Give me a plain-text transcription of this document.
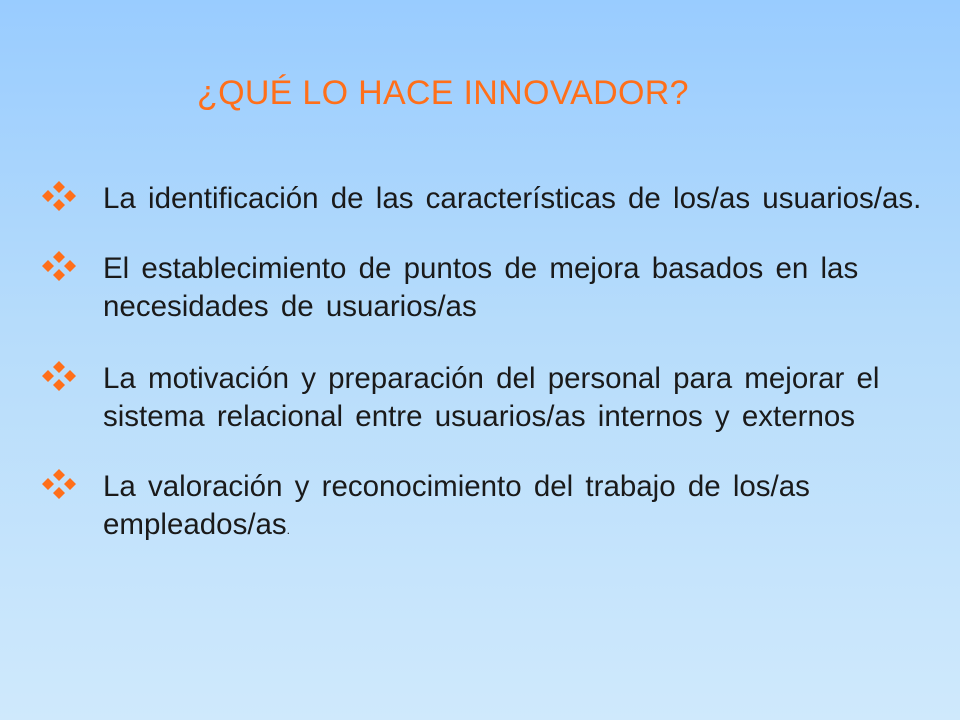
¿QUÉ LO HACE INNOVADOR?
La identificación de las características de los/as usuarios/as.
El establecimiento de puntos de mejora basados en las necesidades de usuarios/as
La motivación y preparación del personal para mejorar el sistema relacional entre usuarios/as internos y externos
La valoración y reconocimiento del trabajo de los/as empleados/as.
